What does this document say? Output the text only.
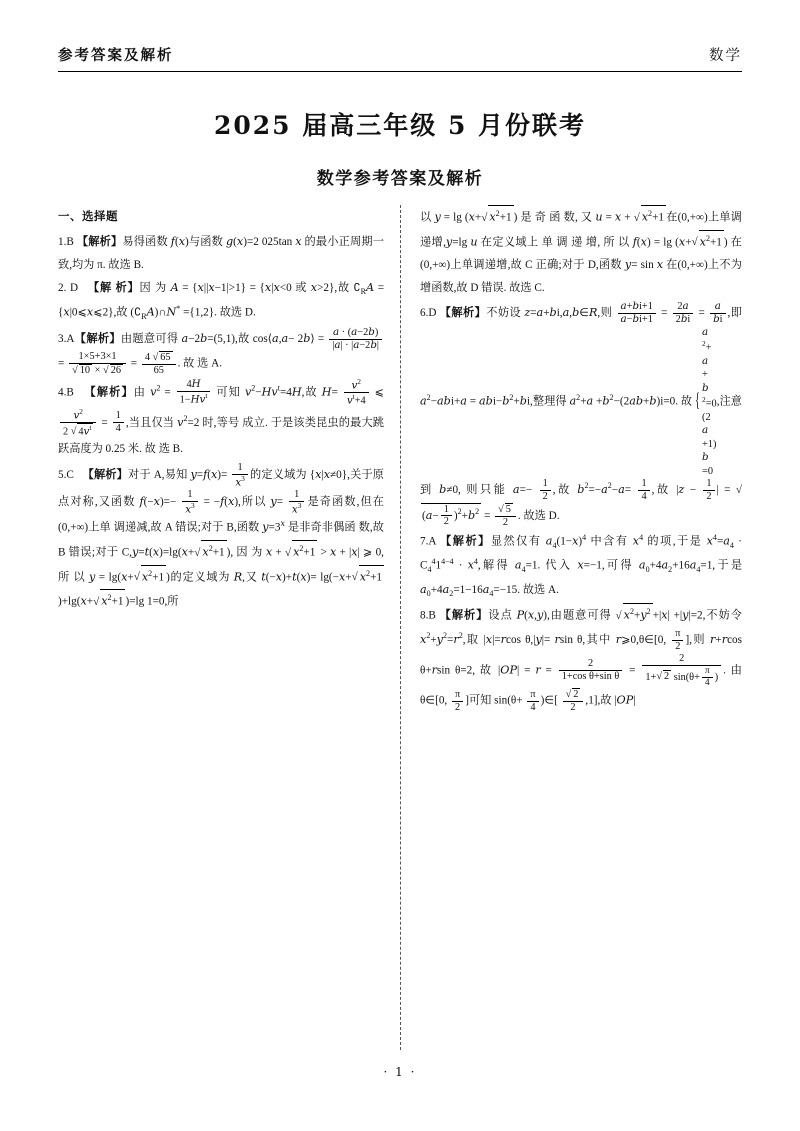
参考答案及解析	数学
2025 届高三年级 5 月份联考
数学参考答案及解析
一、选择题
1.B 【解析】易得函数 f(x)与函数 g(x)=2 025tan x 的最小正周期一致,均为 π. 故选 B.
2. D 　【解 析】因 为 A = {x||x−1|>1} = {x|x<0 或 x>2},故 $∁_RA$ = {x|0⩽x⩽2},故 $(∁_RA)\cap N^* =\{1,2\}$. 故选 D.
3.A【解析】由题意可得 a−2b=(5,1),故 cos⟨a,a− 2b⟩ = $\frac{a \cdot (a-2b)}{|a| \cdot |a-2b|}$
= $\frac{1\times 5+3\times 1}{√ 10 \times √ 26} = \frac{4 √ 65}{65}$ . 故 选 A.
4.B 　【解析】由 $v^2 = \frac{4H}{1-Hv^t}$ 可知 $v^2-Hv^t=4H$,故 $H= \frac{v^2}{v^t+4}$ ⩽
$\frac{v^2}{2 √ 4v^t} = \frac{1}{4}$ ,当且仅当 $v^2=2$ 时,等号 成立. 于是该类昆虫的最大跳跃高度为 0.25 米. 故 选 B.
5.C 　【解析】对于 A,易知 $y=f(x)= \frac{1}{x^3}$ 的定义域为 {x|x≠0},关于原点对称,又函数 $f(-x)=- \frac{1}{x^3} = -f(x)$,所以 $y= \frac{1}{x^3}$ 是奇函数,但在(0,+∞)上单 调递减,故 A 错误;对于 B,函数 $y=3^x$ 是非奇非偶函 数,故 B 错误;对于 C,y=t(x)=lg(x+√ $x^2+1$ ), 因 为 x + √ $x^2+1 > x + |x|$ ⩾ 0, 所 以 y = lg(x+√ $x^2+1$ )的定义域为 R,又 t(−x)+t(x)= lg(−x+√ $x^2+1)+\lg(x+√$ $x^2+1$ )=lg 1=0,所
以 y = lg (x+√ $x^2+1$ ) 是 奇 函 数, 又 u = x + √ $x^2+1$ 在(0,+∞)上单调递增,y=lg u 在定义域上 单 调 递 增, 所 以 f(x) = lg (x+√ $x^2+1$ ) 在 (0,+∞)上单调递增,故 C 正确;对于 D,函数 y= sin x 在(0,+∞)上不为增函数,故 D 错误. 故选 C.
6.D 【解析】不妨设 z=a+bi,a,b∈R,则 $\frac{a+bi+1}{a-bi+1} = \frac{2a}{2bi} = \frac{a}{bi}$ ,即 $a^2-abi+a = abi-b^2+bi$,整理得 $a^2+a +b^2-(2ab+b)i=0$. 故
{ a
$^2$+
a
+
b
$^2$=0
(2
a
+1)
b
=0
,注意到 b≠0, 则只能 $a=- \frac{1}{2}$ ,故 $b^2=-a^2-a= \frac{1}{4}$ ,故 $|z - \frac{1}{2}$ | = $√(a- \frac{1}{2} )^2+b^2 = \frac{√ 5}{2}$ . 故选 D.
7.A 【解析】显然仅有 $a_4(1-x)^4$ 中含有 $x^4$ 的项,于是 $x^4=a_4 \cdot C_4^41^{4-4} \cdot x^4$,解得 $a_4=1$. 代入 x=−1,可得 $a_0+4a_2+16a_4=1$,于是 $a_0+4a_2=1-16a_4=-15$. 故选 A.
8.B 【解析】设点 P(x,y),由题意可得 √ $x^2+y^2 +|x| +|y|=2$,不妨令 $x^2+y^2=r^2$,取 |x|=rcos θ,|y|= rsin θ,其中 r⩾0,θ∈[0, $\frac{\pi}{2}$ ],则 r+rcos θ+rsin θ=2, 故 $|OP| = r = \frac{2}{\text{1+cos θ+sin θ}} = \frac{2}{1+√ 2 \sin(\theta+ \frac{\pi}{4} )}$ . 由 θ∈[0, $\frac{\pi}{2}$ ]可知 $\sin(\theta+ \frac{\pi}{4}$ )∈[ $\frac{√ 2}{2} ,1$],故 |OP|
· 1 ·
